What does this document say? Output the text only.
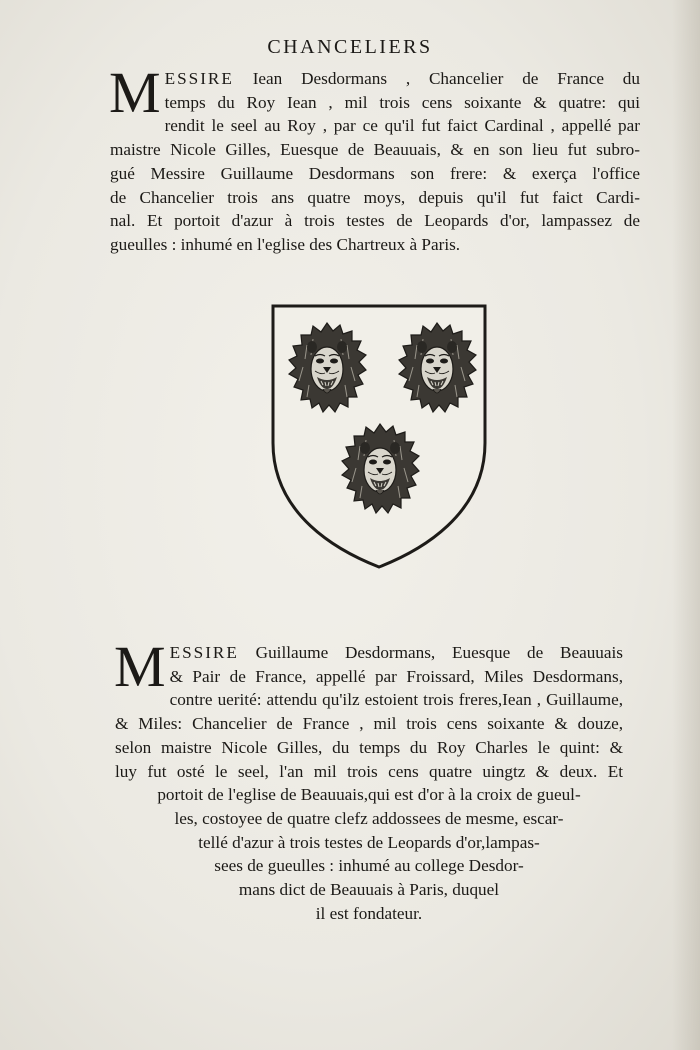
CHANCELIERS
M ESSIRE Iean Desdormans , Chancelier de France du
temps du Roy Iean , mil trois cens soixante & quatre: qui
rendit le seel au Roy , par ce qu'il fut faict Cardinal , appellé par
maistre Nicole Gilles, Euesque de Beauuais, & en son lieu fut subro-
gué Messire Guillaume Desdormans son frere: & exerça l'office
de Chancelier trois ans quatre moys, depuis qu'il fut faict Cardi-
nal. Et portoit d'azur à trois testes de Leopards d'or, lampassez de
gueulles : inhumé en l'eglise des Chartreux à Paris.
M ESSIRE Guillaume Desdormans, Euesque de Beauuais
& Pair de France, appellé par Froissard, Miles Desdormans,
contre uerité: attendu qu'ilz estoient trois freres,Iean , Guillaume,
& Miles: Chancelier de France , mil trois cens soixante & douze,
selon maistre Nicole Gilles, du temps du Roy Charles le quint: &
luy fut osté le seel, l'an mil trois cens quatre uingtz & deux. Et
portoit de l'eglise de Beauuais,qui est d'or à la croix de gueul-
les, costoyee de quatre clefz addossees de mesme, escar-
tellé d'azur à trois testes de Leopards d'or,lampas-
sees de gueulles : inhumé au college Desdor-
mans dict de Beauuais à Paris, duquel
il est fondateur.
